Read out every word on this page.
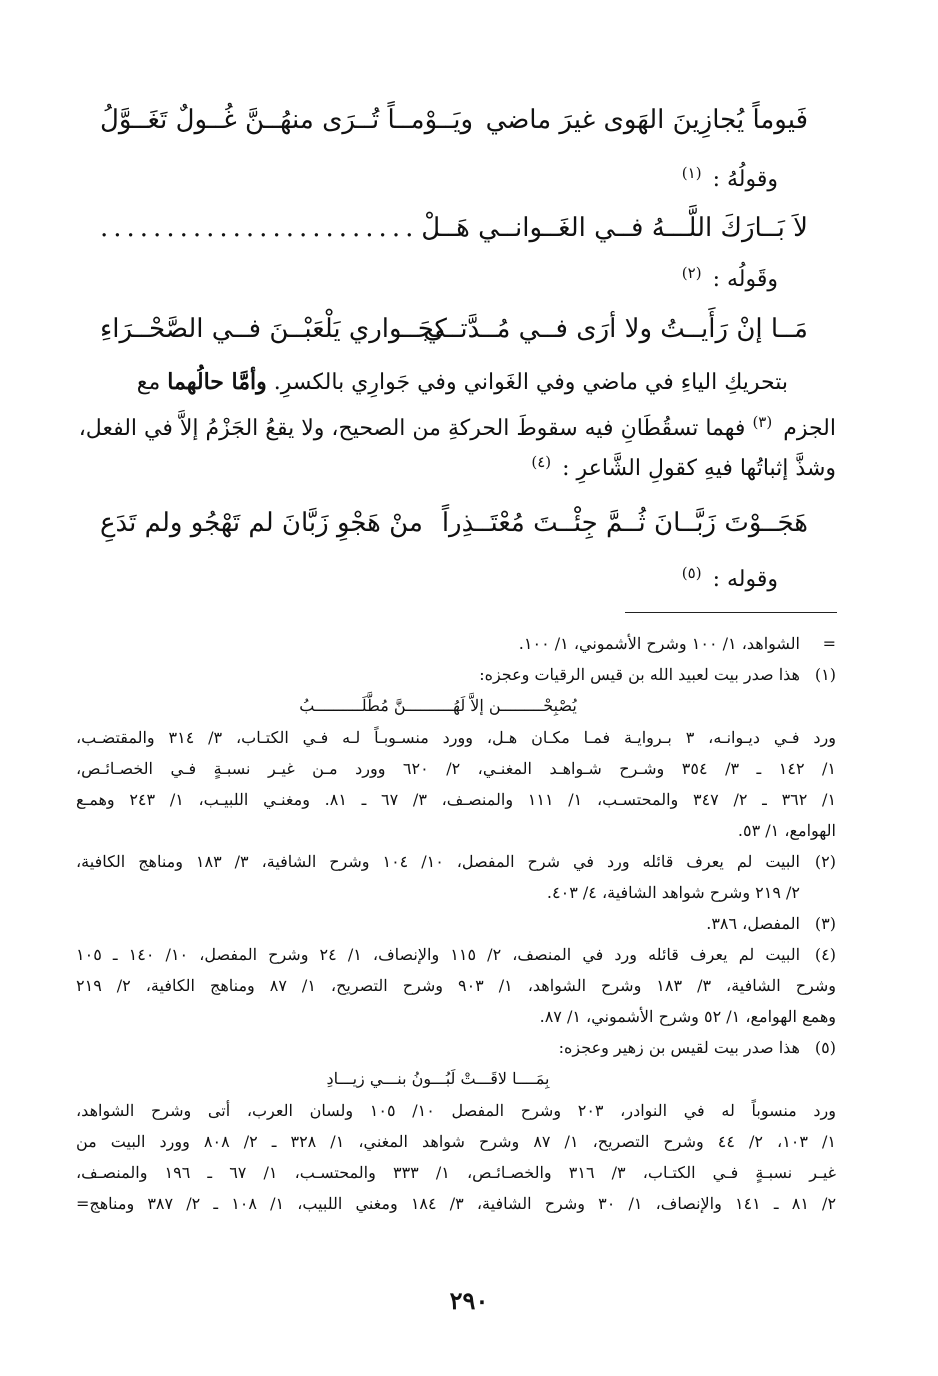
فَيوماً يُجازِينَ الهَوى غيرَ ماضي
ويَــوْمــاً تُــرَى منهُــنَّ غُــولٌ تَغَــوَّلُ
وقولُهُ : $^{(١)}$
لاَ بَــارَكَ اللَّـــهُ فــي الغَــوانــي هَــلْ
........................
وقَولُه : $^{(٢)}$
مَــا إنْ رَأَيــتُ ولا أرَى فــي مُــدَّتــي
كجَــواري يَلْعَبْــنَ فــي الصَّحْــرَاءِ
بتحريكِ الياءِ في ماضي وفي الغَواني وفي جَوارِي بالكسرِ. وأمَّا حالُهما مع
الجزم $^{(٣)}$ فهما تسقُطَانِ فيه سقوطَ الحركةِ من الصحيح، ولا يقعُ الجَزْمُ إلاَّ في الفعل،
وشذَّ إثباتُها فيهِ كقولِ الشَّاعرِ : $^{(٤)}$
هَجَــوْتَ زَبَّــانَ ثُــمَّ جِئْــتَ مُعْتَــذِراً
منْ هَجْوِ زَبَّانَ لم تَهْجُو ولم تَدَعِ
وقوله : $^{(٥)}$
=
الشواهد، ١/ ١٠٠ وشرح الأشموني، ١/ ١٠٠.
(١)
هذا صدر بيت لعبيد الله بن قيس الرقيات وعجزه:
يُصْبِحْـــــــــن إلاَّ لَهُــــــــــنَّ مُطَّلَــــــــــبُ
ورد فـي ديـوانـه، ٣ بـروايـة فمـا مكـان هـل، وورد منسـوبـاً لـه فـي الكتـاب، ٣/ ٣١٤ والمقتضـب،
١/ ١٤٢ ـ ٣/ ٣٥٤ وشـرح شـواهـد المغنـي، ٢/ ٦٢٠ وورد مـن غيـر نسبـةٍ فـي الخصـائـص،
١/ ٣٦٢ ـ ٢/ ٣٤٧ والمحتسـب، ١/ ١١١ والمنصـف، ٣/ ٦٧ ـ ٨١. ومغنـي اللبيـب، ١/ ٢٤٣ وهمـع
الهوامع، ١/ ٥٣.
(٢)
البيت لم يعرف قائله ورد في شرح المفصل، ١٠/ ١٠٤ وشرح الشافية، ٣/ ١٨٣ ومناهج الكافية،
٢/ ٢١٩ وشرح شواهد الشافية، ٤/ ٤٠٣.
(٣)
المفصل، ٣٨٦.
(٤)
البيت لم يعرف قائله ورد في المنصف، ٢/ ١١٥ والإنصاف، ١/ ٢٤ وشرح المفصل، ١٠/ ١٤٠ ـ ١٠٥
وشرح الشافية، ٣/ ١٨٣ وشرح الشواهد، ١/ ٩٠٣ وشرح التصريح، ١/ ٨٧ ومناهج الكافية، ٢/ ٢١٩
وهمع الهوامع، ١/ ٥٢ وشرح الأشموني، ١/ ٨٧.
(٥)
هذا صدر بيت لقيس بن زهير وعجزه:
بِمَــــا لاقَـــتْ لَبُـــونُ بنـــي زيـــادِ
ورد منسوباً له في النوادر، ٢٠٣ وشرح المفصل ١٠/ ١٠٥ ولسان العرب، أتى وشرح الشواهد،
١/ ١٠٣، ٢/ ٤٤ وشرح التصريح، ١/ ٨٧ وشرح شواهد المغني، ١/ ٣٢٨ ـ ٢/ ٨٠٨ وورد البيت من
غيـر نسبـةٍ فـي الكتـاب، ٣/ ٣١٦ والخصـائـص، ١/ ٣٣٣ والمحتسـب، ١/ ٦٧ ـ ١٩٦ والمنصـف،
٢/ ٨١ ـ ١٤١ والإنصاف، ١/ ٣٠ وشرح الشافية، ٣/ ١٨٤ ومغني اللبيب، ١/ ١٠٨ ـ ٢/ ٣٨٧ ومناهج=
٢٩٠
